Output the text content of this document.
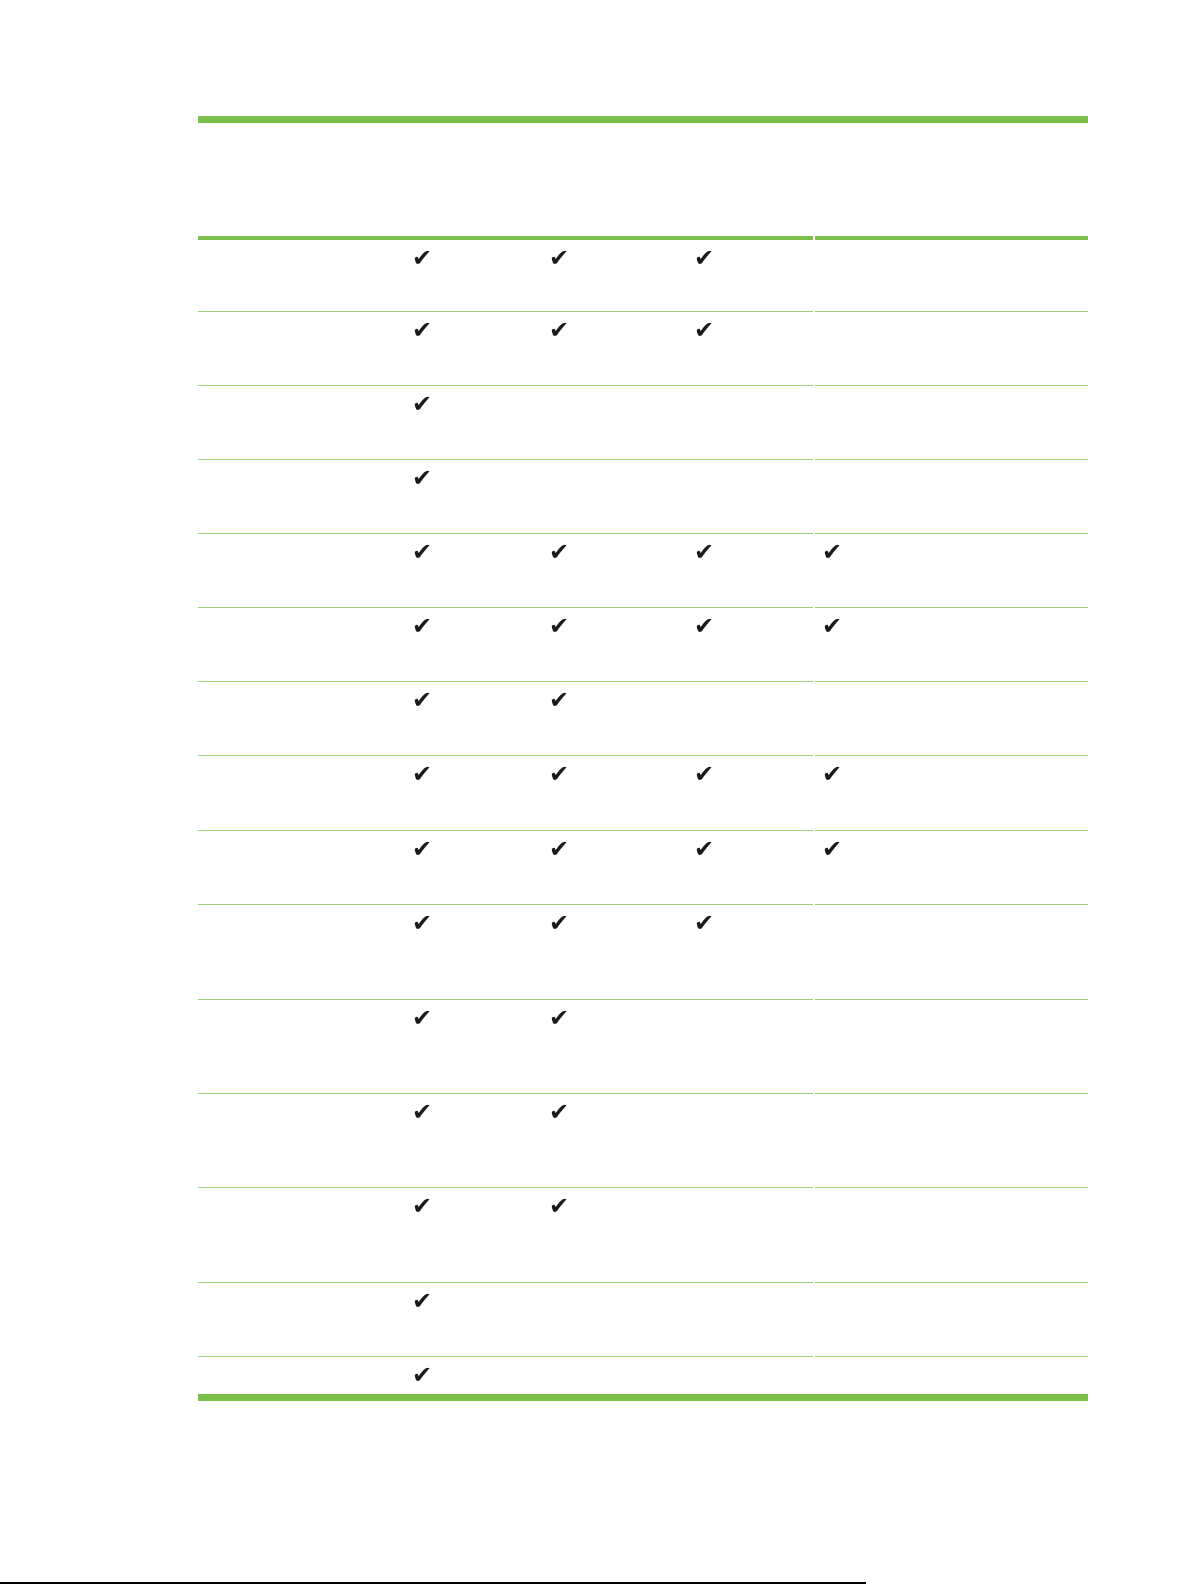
✔	✔	✔
✔	✔	✔
✔
✔
✔	✔	✔	✔
✔	✔	✔	✔
✔	✔
✔	✔	✔	✔
✔	✔	✔	✔
✔	✔	✔
✔	✔
✔	✔
✔	✔
✔
✔
